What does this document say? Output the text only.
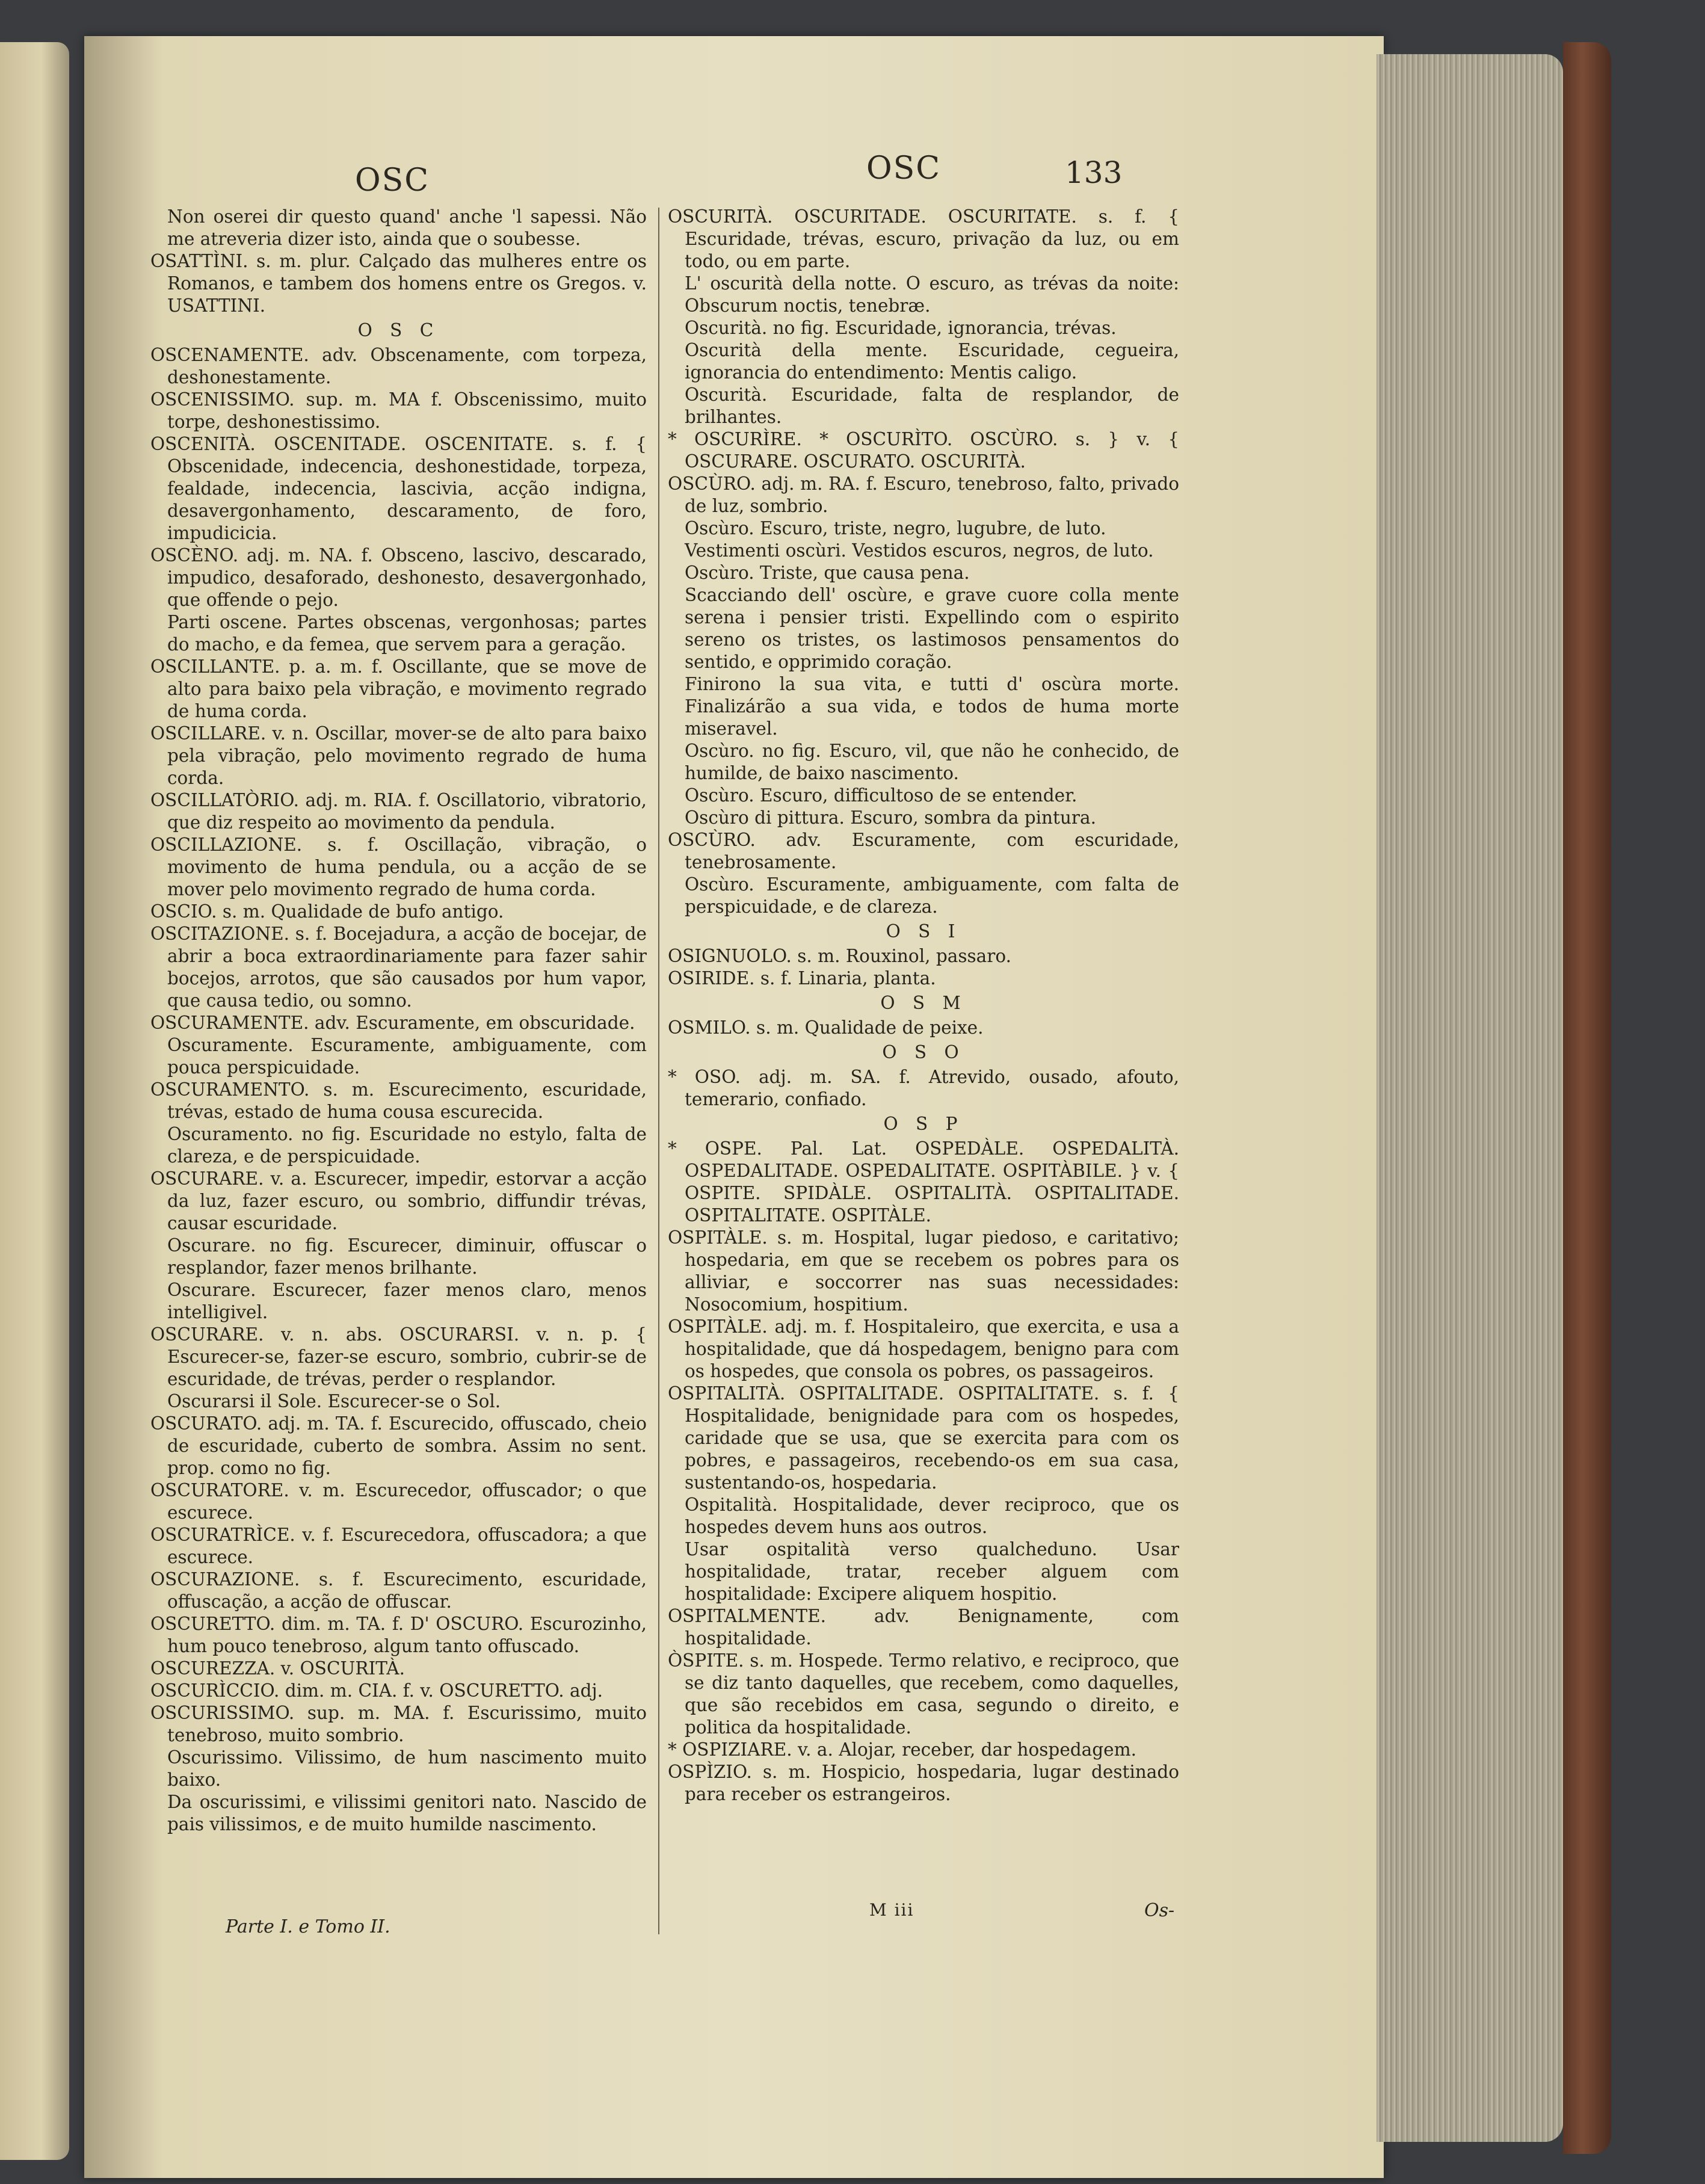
OSC	OSC	133

Non oserei dir questo quand' anche 'l sapessi. Não me atreveria dizer isto, ainda que o soubesse.

OSATTÌNI. s. m. plur. Calçado das mulheres entre os Romanos, e tambem dos homens entre os Gregos. v. USATTINI.

O S C

OSCENAMENTE. adv. Obscenamente, com torpeza, deshonestamente.

OSCENISSIMO. sup. m. MA f. Obscenissimo, muito torpe, deshonestissimo.

OSCENITÀ. OSCENITADE. OSCENITATE. s. f. { Obscenidade, indecencia, deshonestidade, torpeza, fealdade, indecencia, lascivia, acção indigna, desavergonhamento, descaramento, de foro, impudicicia.

OSCÈNO. adj. m. NA. f. Obsceno, lascivo, descarado, impudico, desaforado, deshonesto, desavergonhado, que offende o pejo.

Parti oscene. Partes obscenas, vergonhosas; partes do macho, e da femea, que servem para a geração.

OSCILLANTE. p. a. m. f. Oscillante, que se move de alto para baixo pela vibração, e movimento regrado de huma corda.

OSCILLARE. v. n. Oscillar, mover-se de alto para baixo pela vibração, pelo movimento regrado de huma corda.

OSCILLATÒRIO. adj. m. RIA. f. Oscillatorio, vibratorio, que diz respeito ao movimento da pendula.

OSCILLAZIONE. s. f. Oscillação, vibração, o movimento de huma pendula, ou a acção de se mover pelo movimento regrado de huma corda.

OSCIO. s. m. Qualidade de bufo antigo.

OSCITAZIONE. s. f. Bocejadura, a acção de bocejar, de abrir a boca extraordinariamente para fazer sahir bocejos, arrotos, que são causados por hum vapor, que causa tedio, ou somno.

OSCURAMENTE. adv. Escuramente, em obscuridade.

Oscuramente. Escuramente, ambiguamente, com pouca perspicuidade.

OSCURAMENTO. s. m. Escurecimento, escuridade, trévas, estado de huma cousa escurecida.

Oscuramento. no fig. Escuridade no estylo, falta de clareza, e de perspicuidade.

OSCURARE. v. a. Escurecer, impedir, estorvar a acção da luz, fazer escuro, ou sombrio, diffundir trévas, causar escuridade.

Oscurare. no fig. Escurecer, diminuir, offuscar o resplandor, fazer menos brilhante.

Oscurare. Escurecer, fazer menos claro, menos intelligivel.

OSCURARE. v. n. abs. OSCURARSI. v. n. p. { Escurecer-se, fazer-se escuro, sombrio, cubrir-se de escuridade, de trévas, perder o resplandor.

Oscurarsi il Sole. Escurecer-se o Sol.

OSCURATO. adj. m. TA. f. Escurecido, offuscado, cheio de escuridade, cuberto de sombra. Assim no sent. prop. como no fig.

OSCURATORE. v. m. Escurecedor, offuscador; o que escurece.

OSCURATRÌCE. v. f. Escurecedora, offuscadora; a que escurece.

OSCURAZIONE. s. f. Escurecimento, escuridade, offuscação, a acção de offuscar.

OSCURETTO. dim. m. TA. f. D' OSCURO. Escurozinho, hum pouco tenebroso, algum tanto offuscado.

OSCUREZZA. v. OSCURITÀ.

OSCURÌCCIO. dim. m. CIA. f. v. OSCURETTO. adj.

OSCURISSIMO. sup. m. MA. f. Escurissimo, muito tenebroso, muito sombrio.

Oscurissimo. Vilissimo, de hum nascimento muito baixo.

Da oscurissimi, e vilissimi genitori nato. Nascido de pais vilissimos, e de muito humilde nascimento.

OSCURITÀ. OSCURITADE. OSCURITATE. s. f. { Escuridade, trévas, escuro, privação da luz, ou em todo, ou em parte.

L' oscurità della notte. O escuro, as trévas da noite: Obscurum noctis, tenebræ.

Oscurità. no fig. Escuridade, ignorancia, trévas.

Oscurità della mente. Escuridade, cegueira, ignorancia do entendimento: Mentis caligo.

Oscurità. Escuridade, falta de resplandor, de brilhantes.

* OSCURÌRE. * OSCURÌTO. OSCÙRO. s. } v. { OSCURARE. OSCURATO. OSCURITÀ.

OSCÙRO. adj. m. RA. f. Escuro, tenebroso, falto, privado de luz, sombrio.

Oscùro. Escuro, triste, negro, lugubre, de luto.

Vestimenti oscùri. Vestidos escuros, negros, de luto.

Oscùro. Triste, que causa pena.

Scacciando dell' oscùre, e grave cuore colla mente serena i pensier tristi. Expellindo com o espirito sereno os tristes, os lastimosos pensamentos do sentido, e opprimido coração.

Finirono la sua vita, e tutti d' oscùra morte. Finalizárão a sua vida, e todos de huma morte miseravel.

Oscùro. no fig. Escuro, vil, que não he conhecido, de humilde, de baixo nascimento.

Oscùro. Escuro, difficultoso de se entender.

Oscùro di pittura. Escuro, sombra da pintura.

OSCÙRO. adv. Escuramente, com escuridade, tenebrosamente.

Oscùro. Escuramente, ambiguamente, com falta de perspicuidade, e de clareza.

O S I

OSIGNUOLO. s. m. Rouxinol, passaro.

OSIRIDE. s. f. Linaria, planta.

O S M

OSMILO. s. m. Qualidade de peixe.

O S O

* OSO. adj. m. SA. f. Atrevido, ousado, afouto, temerario, confiado.

O S P

* OSPE. Pal. Lat. OSPEDÀLE. OSPEDALITÀ. OSPEDALITADE. OSPEDALITATE. OSPITÀBILE. } v. { OSPITE. SPIDÀLE. OSPITALITÀ. OSPITALITADE. OSPITALITATE. OSPITÀLE.

OSPITÀLE. s. m. Hospital, lugar piedoso, e caritativo; hospedaria, em que se recebem os pobres para os alliviar, e soccorrer nas suas necessidades: Nosocomium, hospitium.

OSPITÀLE. adj. m. f. Hospitaleiro, que exercita, e usa a hospitalidade, que dá hospedagem, benigno para com os hospedes, que consola os pobres, os passageiros.

OSPITALITÀ. OSPITALITADE. OSPITALITATE. s. f. { Hospitalidade, benignidade para com os hospedes, caridade que se usa, que se exercita para com os pobres, e passageiros, recebendo-os em sua casa, sustentando-os, hospedaria.

Ospitalità. Hospitalidade, dever reciproco, que os hospedes devem huns aos outros.

Usar ospitalità verso qualcheduno. Usar hospitalidade, tratar, receber alguem com hospitalidade: Excipere aliquem hospitio.

OSPITALMENTE. adv. Benignamente, com hospitalidade.

ÒSPITE. s. m. Hospede. Termo relativo, e reciproco, que se diz tanto daquelles, que recebem, como daquelles, que são recebidos em casa, segundo o direito, e politica da hospitalidade.

* OSPIZIARE. v. a. Alojar, receber, dar hospedagem.

OSPÌZIO. s. m. Hospicio, hospedaria, lugar destinado para receber os estrangeiros.

Parte I. e Tomo II.
M iii	Os-
